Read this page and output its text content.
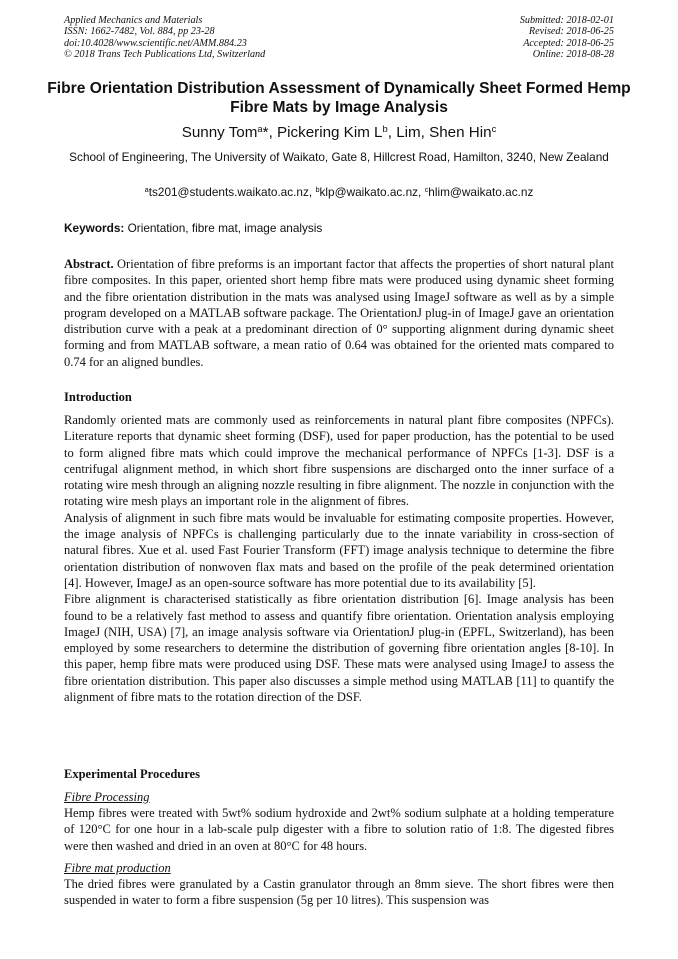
Applied Mechanics and Materials
ISSN: 1662-7482, Vol. 884, pp 23-28
doi:10.4028/www.scientific.net/AMM.884.23
© 2018 Trans Tech Publications Ltd, Switzerland
Submitted: 2018-02-01
Revised: 2018-06-25
Accepted: 2018-06-25
Online: 2018-08-28
Fibre Orientation Distribution Assessment of Dynamically Sheet Formed Hemp Fibre Mats by Image Analysis
Sunny Tom$^a$*, Pickering Kim $L^b$, Lim, Shen Hin$^c$
School of Engineering, The University of Waikato, Gate 8, Hillcrest Road, Hamilton, 3240, New Zealand
$^a$ts201@students.waikato.ac.nz, $^b$klp@waikato.ac.nz, $^c$hlim@waikato.ac.nz
Keywords: Orientation, fibre mat, image analysis

Abstract. Orientation of fibre preforms is an important factor that affects the properties of short natural plant fibre composites. In this paper, oriented short hemp fibre mats were produced using dynamic sheet forming and the fibre orientation distribution in the mats was analysed using ImageJ software as well as by a simple program developed on a MATLAB software package. The OrientationJ plug-in of ImageJ gave an orientation distribution curve with a peak at a predominant direction of 0° supporting alignment during dynamic sheet forming and from MATLAB software, a mean ratio of 0.64 was obtained for the oriented mats compared to 0.74 for an aligned bundles.

Introduction

Randomly oriented mats are commonly used as reinforcements in natural plant fibre composites (NPFCs). Literature reports that dynamic sheet forming (DSF), used for paper production, has the potential to be used to form aligned fibre mats which could improve the mechanical performance of NPFCs [1-3]. DSF is a centrifugal alignment method, in which short fibre suspensions are discharged onto the inner surface of a rotating wire mesh through an aligning nozzle resulting in fibre alignment. The nozzle in conjunction with the rotating wire mesh plays an important role in the alignment of fibres.

Analysis of alignment in such fibre mats would be invaluable for estimating composite properties. However, the image analysis of NPFCs is challenging particularly due to the innate variability in cross-section of natural fibres. Xue et al. used Fast Fourier Transform (FFT) image analysis technique to determine the fibre orientation distribution of nonwoven flax mats and based on the profile of the peak determined orientation [4]. However, ImageJ as an open-source software has more potential due to its availability [5].

Fibre alignment is characterised statistically as fibre orientation distribution [6]. Image analysis has been found to be a relatively fast method to assess and quantify fibre orientation. Orientation analysis employing ImageJ (NIH, USA) [7], an image analysis software via OrientationJ plug-in (EPFL, Switzerland), has been employed by some researchers to determine the distribution of governing fibre orientation angles [8-10]. In this paper, hemp fibre mats were produced using DSF. These mats were analysed using ImageJ to assess the fibre orientation distribution. This paper also discusses a simple method using MATLAB [11] to quantify the alignment of fibre mats to the rotation direction of the DSF.

Experimental Procedures

Fibre Processing

Hemp fibres were treated with 5wt% sodium hydroxide and 2wt% sodium sulphate at a holding temperature of 120°C for one hour in a lab-scale pulp digester with a fibre to solution ratio of 1:8. The digested fibres were then washed and dried in an oven at 80°C for 48 hours.

Fibre mat production

The dried fibres were granulated by a Castin granulator through an 8mm sieve. The short fibres were then suspended in water to form a fibre suspension (5g per 10 litres). This suspension was
